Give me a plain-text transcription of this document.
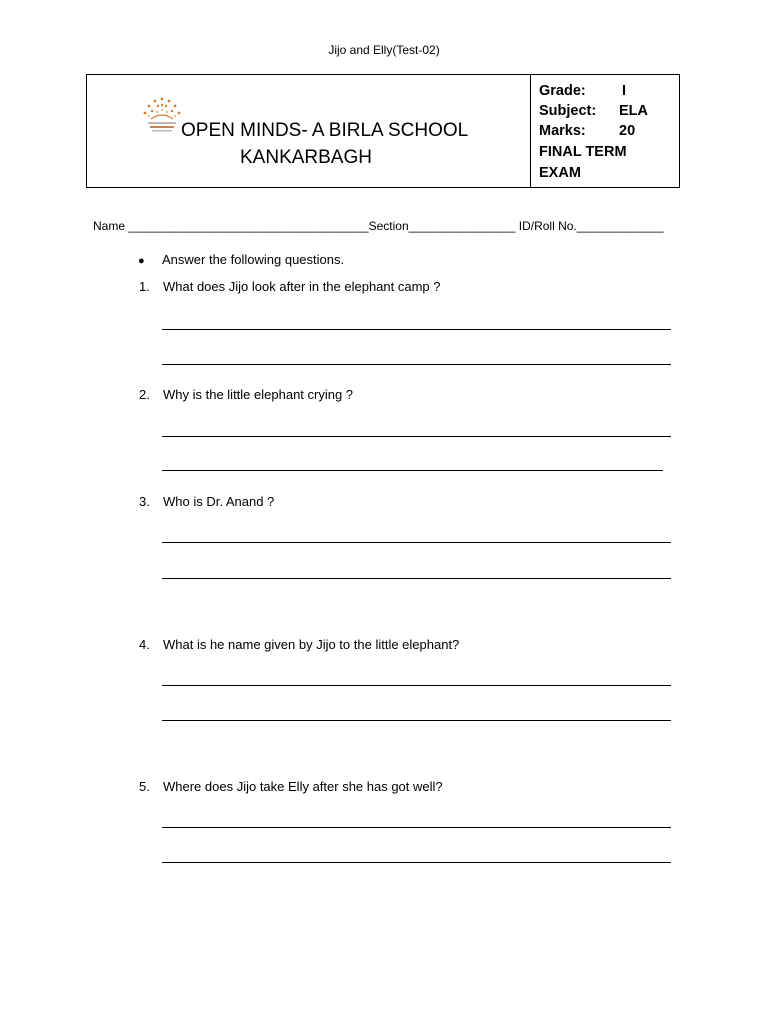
Jijo and Elly(Test-02)
OPEN MINDS- A BIRLA SCHOOL
KANKARBAGH
Grade:	I
Subject: ELA
Marks: 20
FINAL TERM
EXAM
Name ____________________________________Section________________ ID/Roll No._____________
● Answer the following questions.
1. What does Jijo look after in the elephant camp ?
2. Why is the little elephant crying ?
3. Who is Dr. Anand ?
4. What is he name given by Jijo to the little elephant?
5. Where does Jijo take Elly after she has got well?
